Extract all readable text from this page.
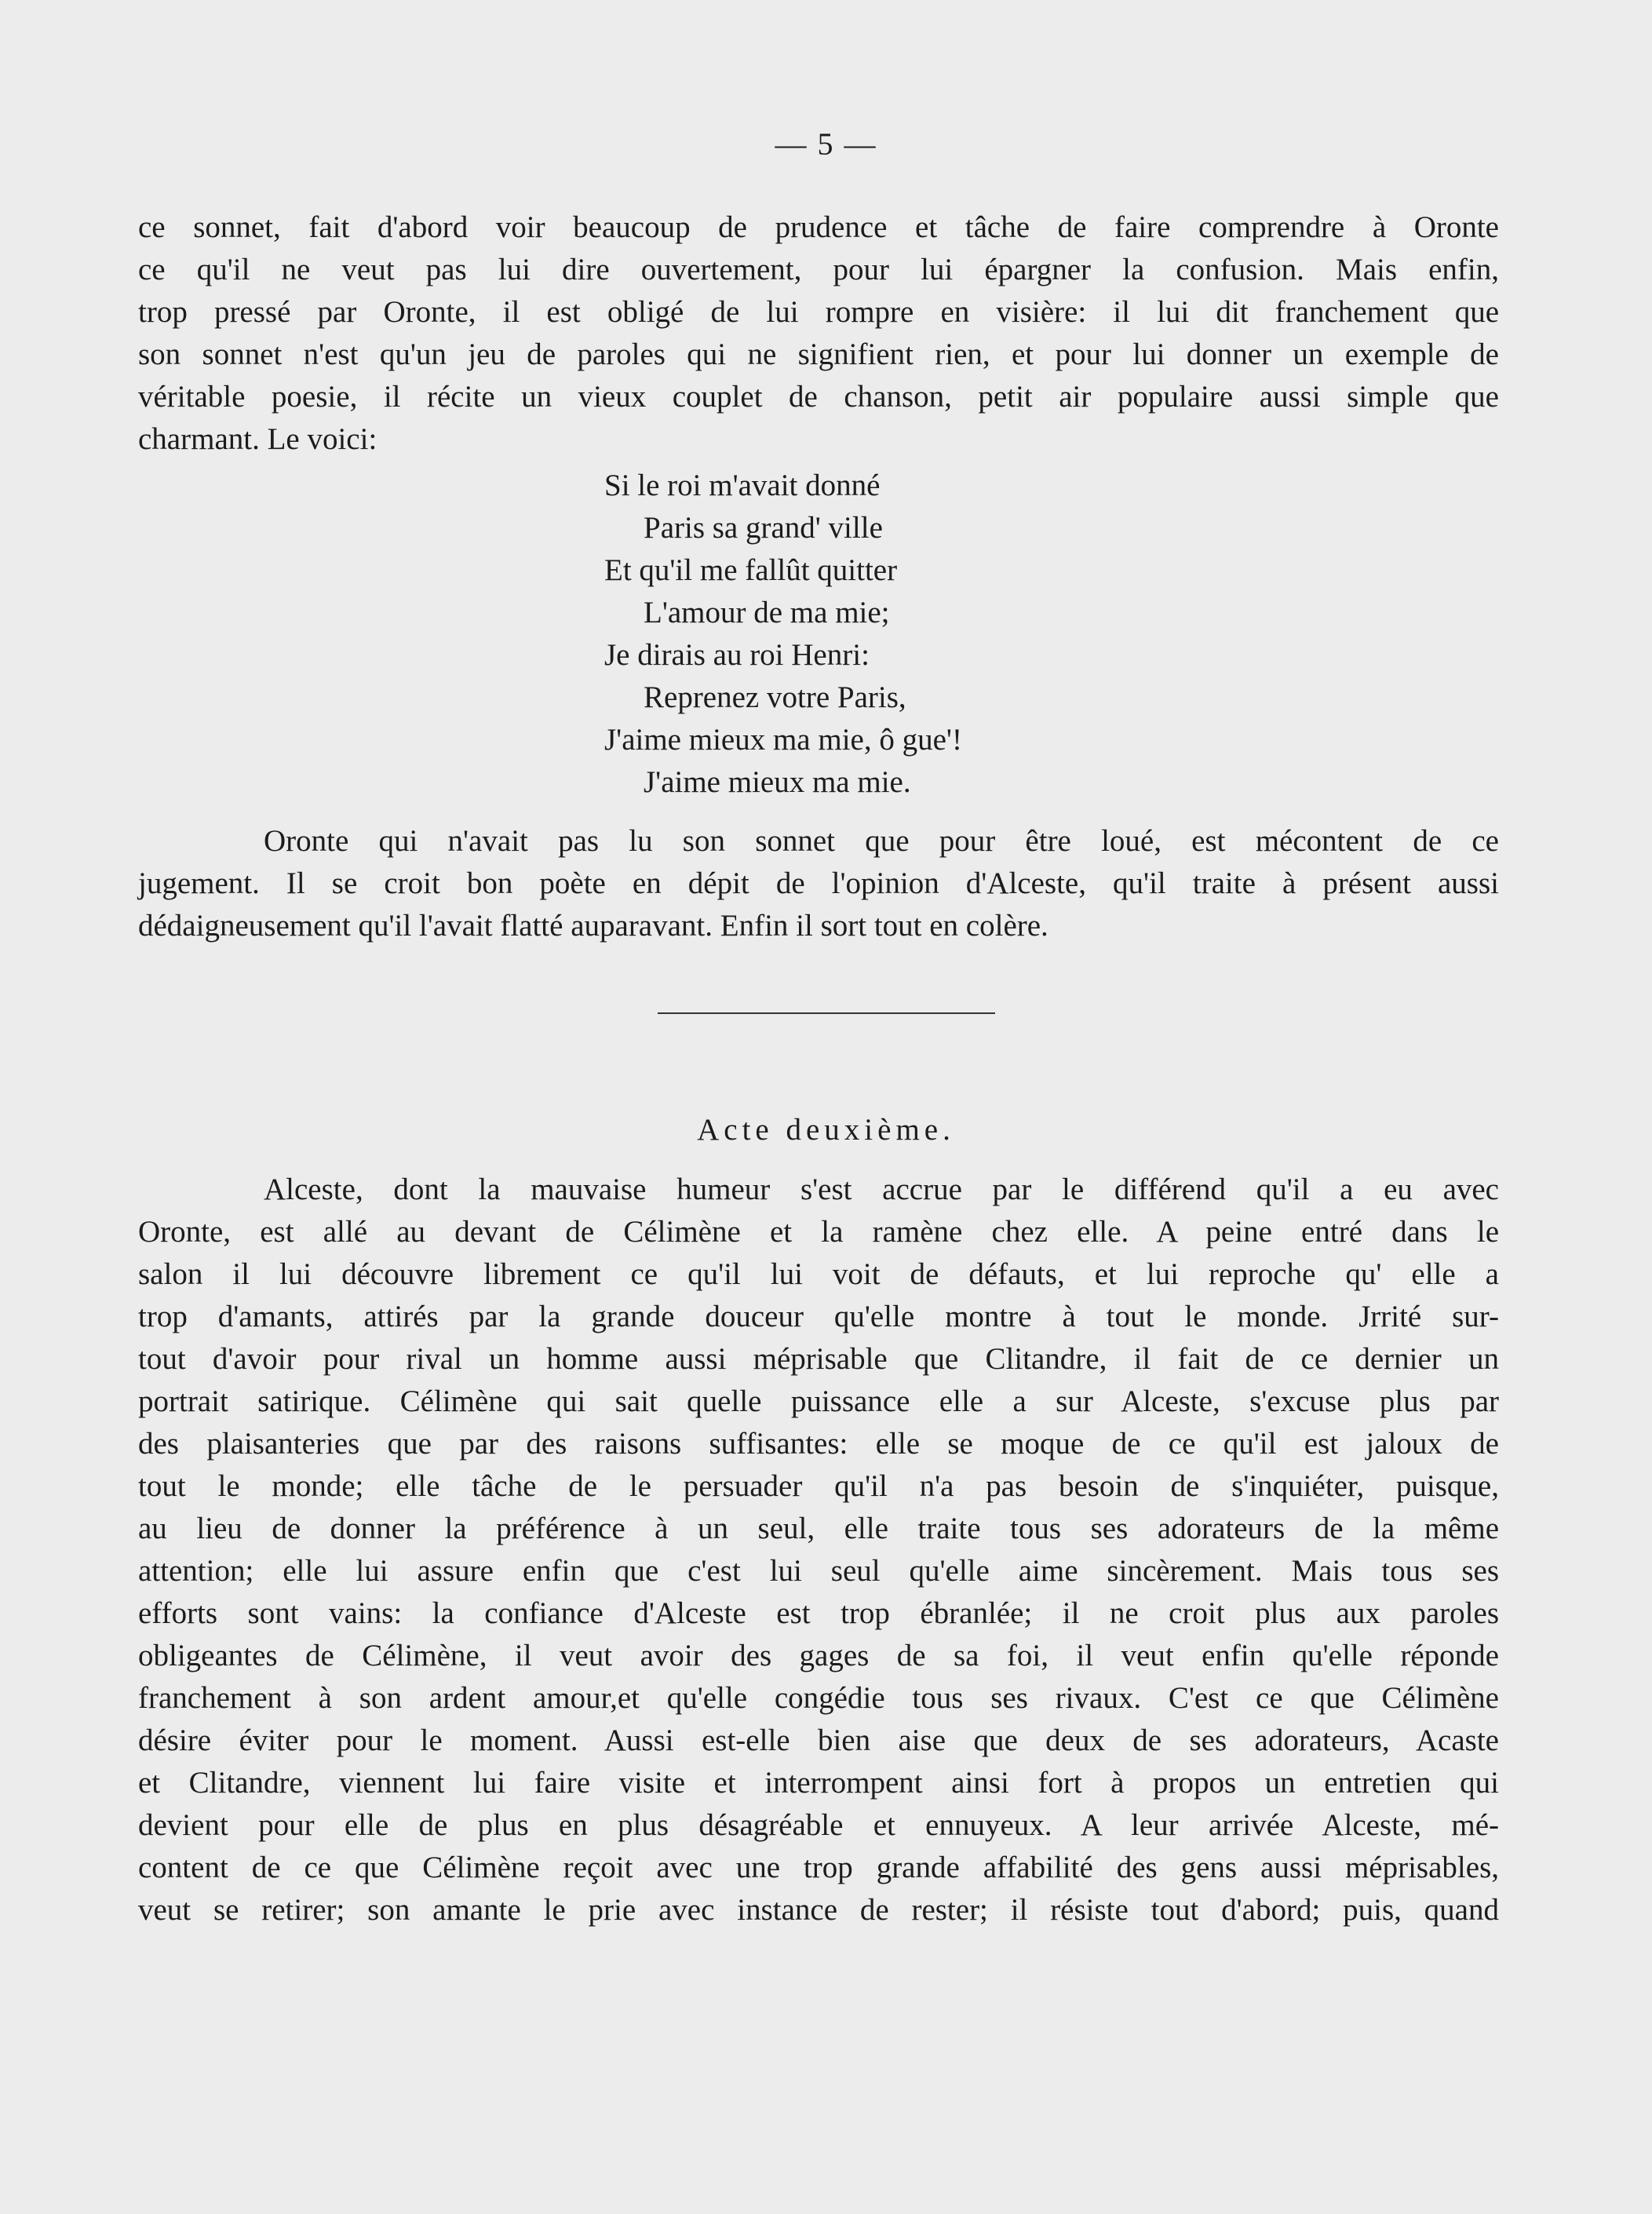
— 5 —
ce sonnet, fait d'abord voir beaucoup de prudence et tâche de faire comprendre à Oronte
ce qu'il ne veut pas lui dire ouvertement, pour lui épargner la confusion. Mais enfin,
trop pressé par Oronte, il est obligé de lui rompre en visière: il lui dit franchement que
son sonnet n'est qu'un jeu de paroles qui ne signifient rien, et pour lui donner un exemple de
véritable poesie, il récite un vieux couplet de chanson, petit air populaire aussi simple que
charmant. Le voici:
Si le roi m'avait donné
Paris sa grand' ville
Et qu'il me fallût quitter
L'amour de ma mie;
Je dirais au roi Henri:
Reprenez votre Paris,
J'aime mieux ma mie, ô gue'!
J'aime mieux ma mie.
Oronte qui n'avait pas lu son sonnet que pour être loué, est mécontent de ce
jugement. Il se croit bon poète en dépit de l'opinion d'Alceste, qu'il traite à présent aussi
dédaigneusement qu'il l'avait flatté auparavant. Enfin il sort tout en colère.
Acte deuxième.
Alceste, dont la mauvaise humeur s'est accrue par le différend qu'il a eu avec
Oronte, est allé au devant de Célimène et la ramène chez elle. A peine entré dans le
salon il lui découvre librement ce qu'il lui voit de défauts, et lui reproche qu' elle a
trop d'amants, attirés par la grande douceur qu'elle montre à tout le monde. Jrrité sur-
tout d'avoir pour rival un homme aussi méprisable que Clitandre, il fait de ce dernier un
portrait satirique. Célimène qui sait quelle puissance elle a sur Alceste, s'excuse plus par
des plaisanteries que par des raisons suffisantes: elle se moque de ce qu'il est jaloux de
tout le monde; elle tâche de le persuader qu'il n'a pas besoin de s'inquiéter, puisque,
au lieu de donner la préférence à un seul, elle traite tous ses adorateurs de la même
attention; elle lui assure enfin que c'est lui seul qu'elle aime sincèrement. Mais tous ses
efforts sont vains: la confiance d'Alceste est trop ébranlée; il ne croit plus aux paroles
obligeantes de Célimène, il veut avoir des gages de sa foi, il veut enfin qu'elle réponde
franchement à son ardent amour,et qu'elle congédie tous ses rivaux. C'est ce que Célimène
désire éviter pour le moment. Aussi est-elle bien aise que deux de ses adorateurs, Acaste
et Clitandre, viennent lui faire visite et interrompent ainsi fort à propos un entretien qui
devient pour elle de plus en plus désagréable et ennuyeux. A leur arrivée Alceste, mé-
content de ce que Célimène reçoit avec une trop grande affabilité des gens aussi méprisables,
veut se retirer; son amante le prie avec instance de rester; il résiste tout d'abord; puis, quand
